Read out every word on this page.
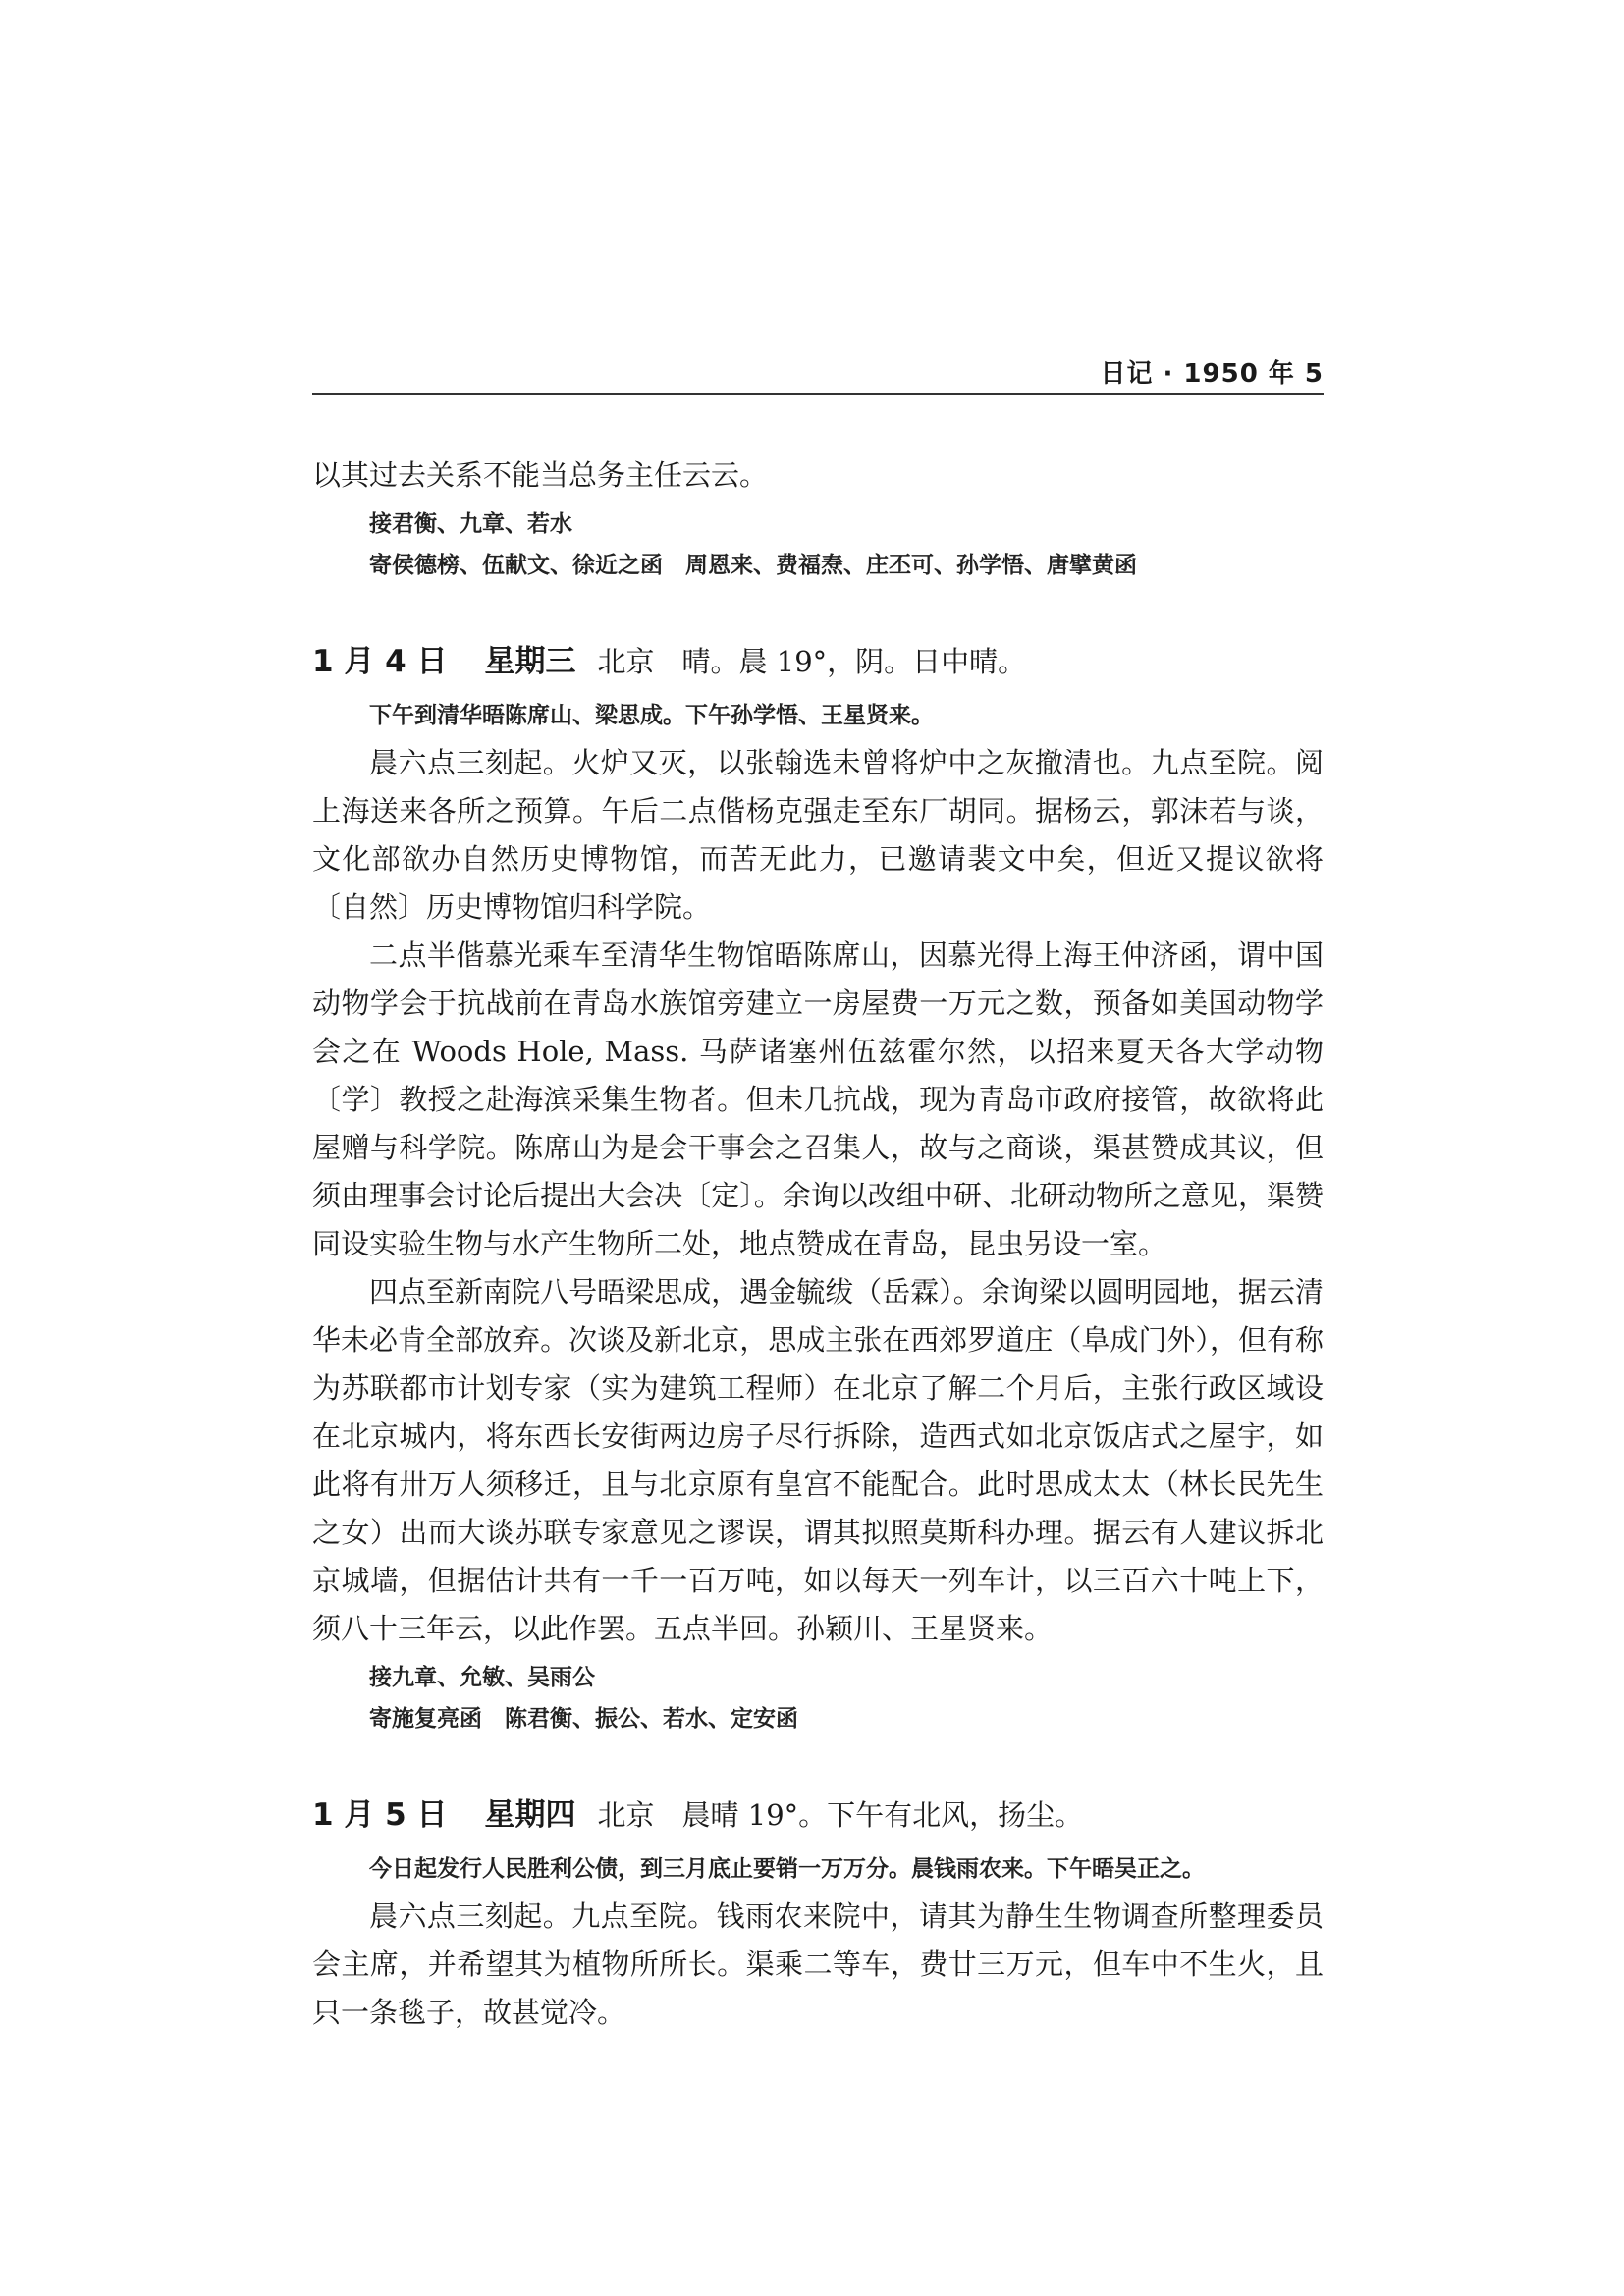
日记 · 1950 年 5

以其过去关系不能当总务主任云云。

接君衡、九章、若水

寄侯德榜、伍献文、徐近之函　周恩来、费福焘、庄丕可、孙学悟、唐擘黄函

1 月 4 日 星期三 北京 晴。晨 19°，阴。日中晴。

下午到清华晤陈席山、梁思成。下午孙学悟、王星贤来。

晨六点三刻起。火炉又灭，以张翰选未曾将炉中之灰撤清也。九点至院。阅上海送来各所之预算。午后二点偕杨克强走至东厂胡同。据杨云，郭沫若与谈，文化部欲办自然历史博物馆，而苦无此力，已邀请裴文中矣，但近又提议欲将〔自然〕历史博物馆归科学院。

二点半偕慕光乘车至清华生物馆晤陈席山，因慕光得上海王仲济函，谓中国动物学会于抗战前在青岛水族馆旁建立一房屋费一万元之数，预备如美国动物学会之在 Woods Hole, Mass. 马萨诸塞州伍兹霍尔然，以招来夏天各大学动物〔学〕教授之赴海滨采集生物者。但未几抗战，现为青岛市政府接管，故欲将此屋赠与科学院。陈席山为是会干事会之召集人，故与之商谈，渠甚赞成其议，但须由理事会讨论后提出大会决〔定〕。余询以改组中研、北研动物所之意见，渠赞同设实验生物与水产生物所二处，地点赞成在青岛，昆虫另设一室。

四点至新南院八号晤梁思成，遇金毓绂（岳霖）。余询梁以圆明园地，据云清华未必肯全部放弃。次谈及新北京，思成主张在西郊罗道庄（阜成门外），但有称为苏联都市计划专家（实为建筑工程师）在北京了解二个月后，主张行政区域设在北京城内，将东西长安街两边房子尽行拆除，造西式如北京饭店式之屋宇，如此将有卅万人须移迁，且与北京原有皇宫不能配合。此时思成太太（林长民先生之女）出而大谈苏联专家意见之谬误，谓其拟照莫斯科办理。据云有人建议拆北京城墙，但据估计共有一千一百万吨，如以每天一列车计，以三百六十吨上下，须八十三年云，以此作罢。五点半回。孙颖川、王星贤来。

接九章、允敏、吴雨公

寄施复亮函　陈君衡、振公、若水、定安函

1 月 5 日 星期四 北京 晨晴 19°。下午有北风，扬尘。

今日起发行人民胜利公债，到三月底止要销一万万分。晨钱雨农来。下午晤吴正之。

晨六点三刻起。九点至院。钱雨农来院中，请其为静生生物调查所整理委员会主席，并希望其为植物所所长。渠乘二等车，费廿三万元，但车中不生火，且只一条毯子，故甚觉冷。
